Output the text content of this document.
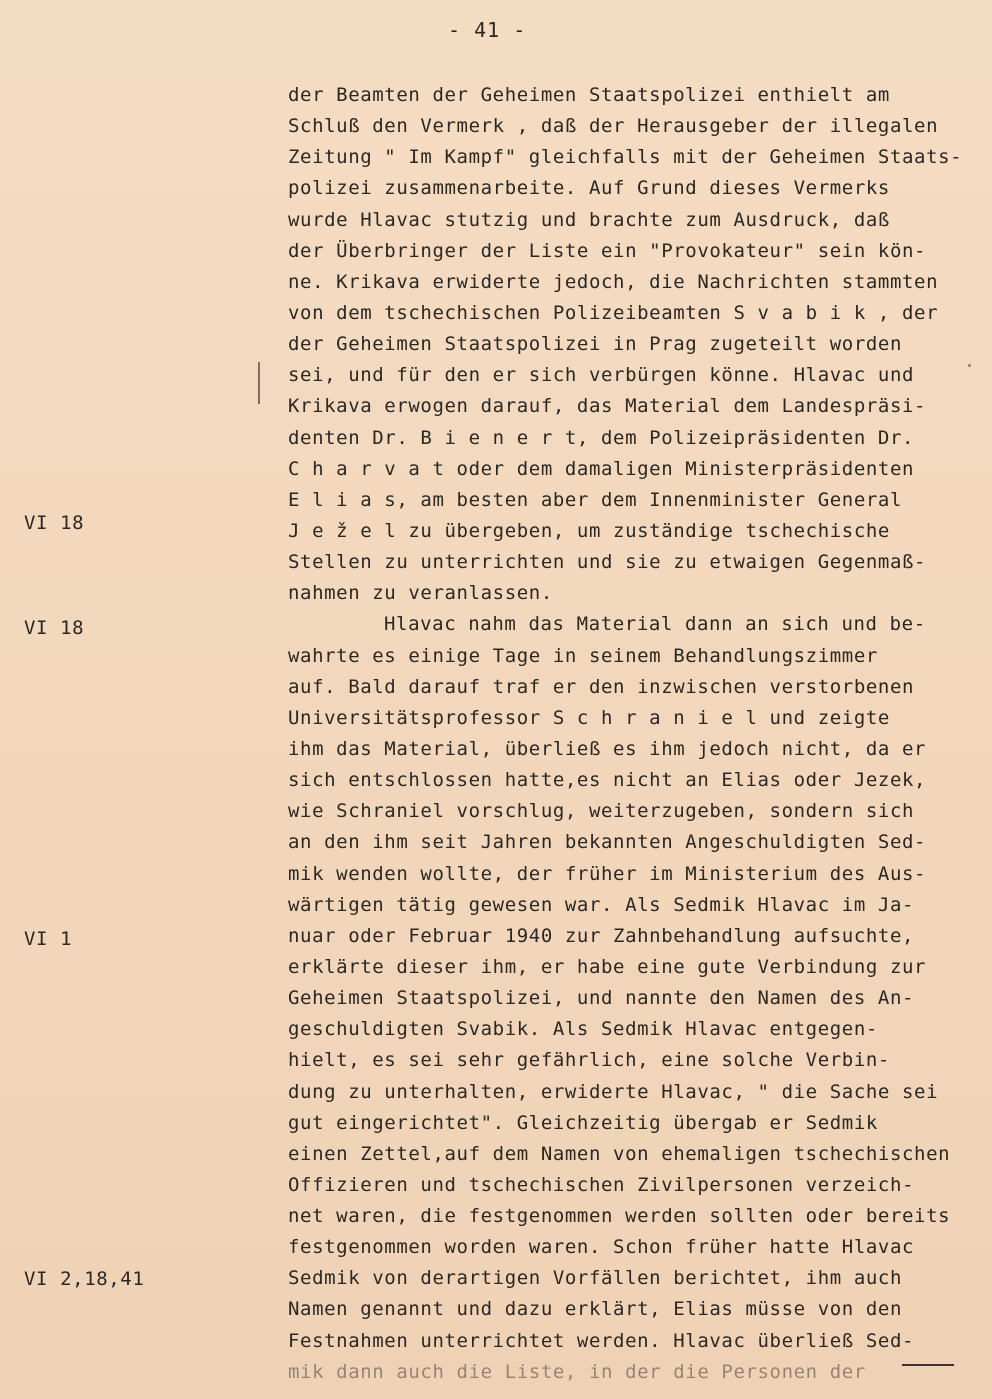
- 41 -
VI 18
VI 18
VI 1
VI 2,18,41
der Beamten der Geheimen Staatspolizei enthielt am
Schluß den Vermerk , daß der Herausgeber der illegalen
Zeitung " Im Kampf" gleichfalls mit der Geheimen Staats-
polizei zusammenarbeite. Auf Grund dieses Vermerks
wurde Hlavac stutzig und brachte zum Ausdruck, daß
der Überbringer der Liste ein "Provokateur" sein kön-
ne. Krikava erwiderte jedoch, die Nachrichten stammten
von dem tschechischen Polizeibeamten S v a b i k , der
der Geheimen Staatspolizei in Prag zugeteilt worden
sei, und für den er sich verbürgen könne. Hlavac und
Krikava erwogen darauf, das Material dem Landespräsi-
denten Dr. B i e n e r t, dem Polizeipräsidenten Dr.
C h a r v a t oder dem damaligen Ministerpräsidenten
E l i a s, am besten aber dem Innenminister General
J e ž e l zu übergeben, um zuständige tschechische
Stellen zu unterrichten und sie zu etwaigen Gegenmaß-
nahmen zu veranlassen.
Hlavac nahm das Material dann an sich und be-
wahrte es einige Tage in seinem Behandlungszimmer
auf. Bald darauf traf er den inzwischen verstorbenen
Universitätsprofessor S c h r a n i e l und zeigte
ihm das Material, überließ es ihm jedoch nicht, da er
sich entschlossen hatte,es nicht an Elias oder Jezek,
wie Schraniel vorschlug, weiterzugeben, sondern sich
an den ihm seit Jahren bekannten Angeschuldigten Sed-
mik wenden wollte, der früher im Ministerium des Aus-
wärtigen tätig gewesen war. Als Sedmik Hlavac im Ja-
nuar oder Februar 1940 zur Zahnbehandlung aufsuchte,
erklärte dieser ihm, er habe eine gute Verbindung zur
Geheimen Staatspolizei, und nannte den Namen des An-
geschuldigten Svabik. Als Sedmik Hlavac entgegen-
hielt, es sei sehr gefährlich, eine solche Verbin-
dung zu unterhalten, erwiderte Hlavac, " die Sache sei
gut eingerichtet". Gleichzeitig übergab er Sedmik
einen Zettel,auf dem Namen von ehemaligen tschechischen
Offizieren und tschechischen Zivilpersonen verzeich-
net waren, die festgenommen werden sollten oder bereits
festgenommen worden waren. Schon früher hatte Hlavac
Sedmik von derartigen Vorfällen berichtet, ihm auch
Namen genannt und dazu erklärt, Elias müsse von den
Festnahmen unterrichtet werden. Hlavac überließ Sed-
mik dann auch die Liste, in der die Personen der
